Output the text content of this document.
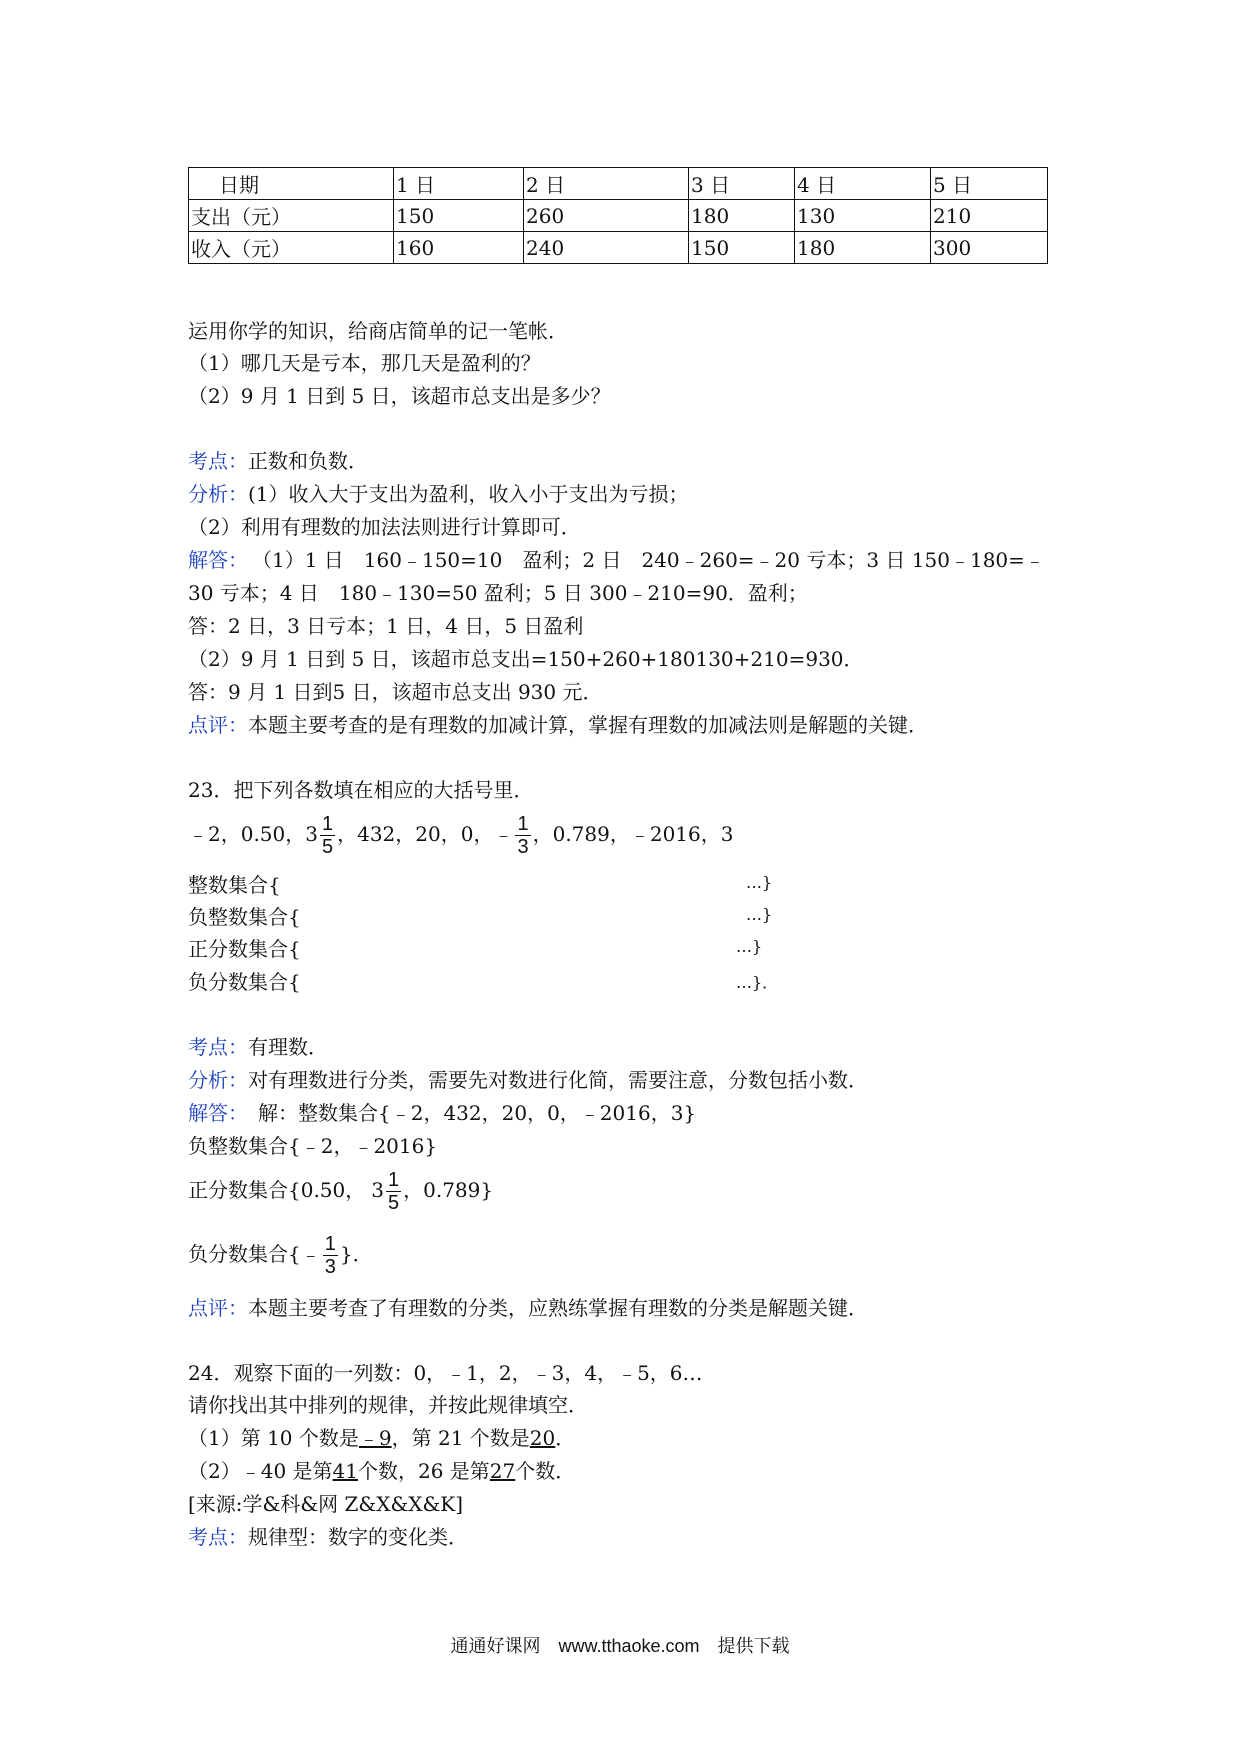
日期	1 日	2 日	3 日	4 日	5 日
支出（元）	150	260	180	130	210
收入（元）	160	240	150	180	300
运用你学的知识，给商店简单的记一笔帐．
（1）哪几天是亏本，那几天是盈利的？
（2）9 月 1 日到 5 日，该超市总支出是多少？
考点：正数和负数．
分析：(1）收入大于支出为盈利，收入小于支出为亏损；
（2）利用有理数的加法法则进行计算即可．
解答： （1）1 日　160﹣150=10　盈利；2 日　240﹣260=﹣20 亏本；3 日 150﹣180=﹣
30 亏本；4 日　180﹣130=50 盈利；5 日 300﹣210=90．盈利；
答：2 日，3 日亏本；1 日，4 日，5 日盈利
（2）9 月 1 日到 5 日，该超市总支出=150+260+180130+210=930．
答：9 月 1 日到5 日，该超市总支出 930 元．
点评：本题主要考查的是有理数的加减计算，掌握有理数的加减法则是解题的关键．
23．把下列各数填在相应的大括号里．
﹣2，0.50，$3 \frac{1}{5}$ ，432，20，0，﹣ $\frac{1}{3}$ ，0.789，﹣2016，3
整数集合{	…}
负整数集合{	…}
正分数集合{	…}
负分数集合{	…}．
考点：有理数．
分析：对有理数进行分类，需要先对数进行化简，需要注意，分数包括小数．
解答：　解：整数集合{﹣2，432，20，0，﹣2016，3}
负整数集合{﹣2，﹣2016}
正分数集合{0.50， $3 \frac{1}{5}$ ，0.789}
负分数集合{﹣ $\frac{1}{3}$ }．
点评：本题主要考查了有理数的分类，应熟练掌握有理数的分类是解题关键．
24．观察下面的一列数：0，﹣1，2，﹣3，4，﹣5，6…
请你找出其中排列的规律，并按此规律填空．
（1）第 10 个数是﹣9，第 21 个数是20．
（2）﹣40 是第41个数，26 是第27个数．
[来源:学&科&网 Z&X&X&K]
考点：规律型：数字的变化类．
通通好课网　www.tthaoke.com　提供下载
